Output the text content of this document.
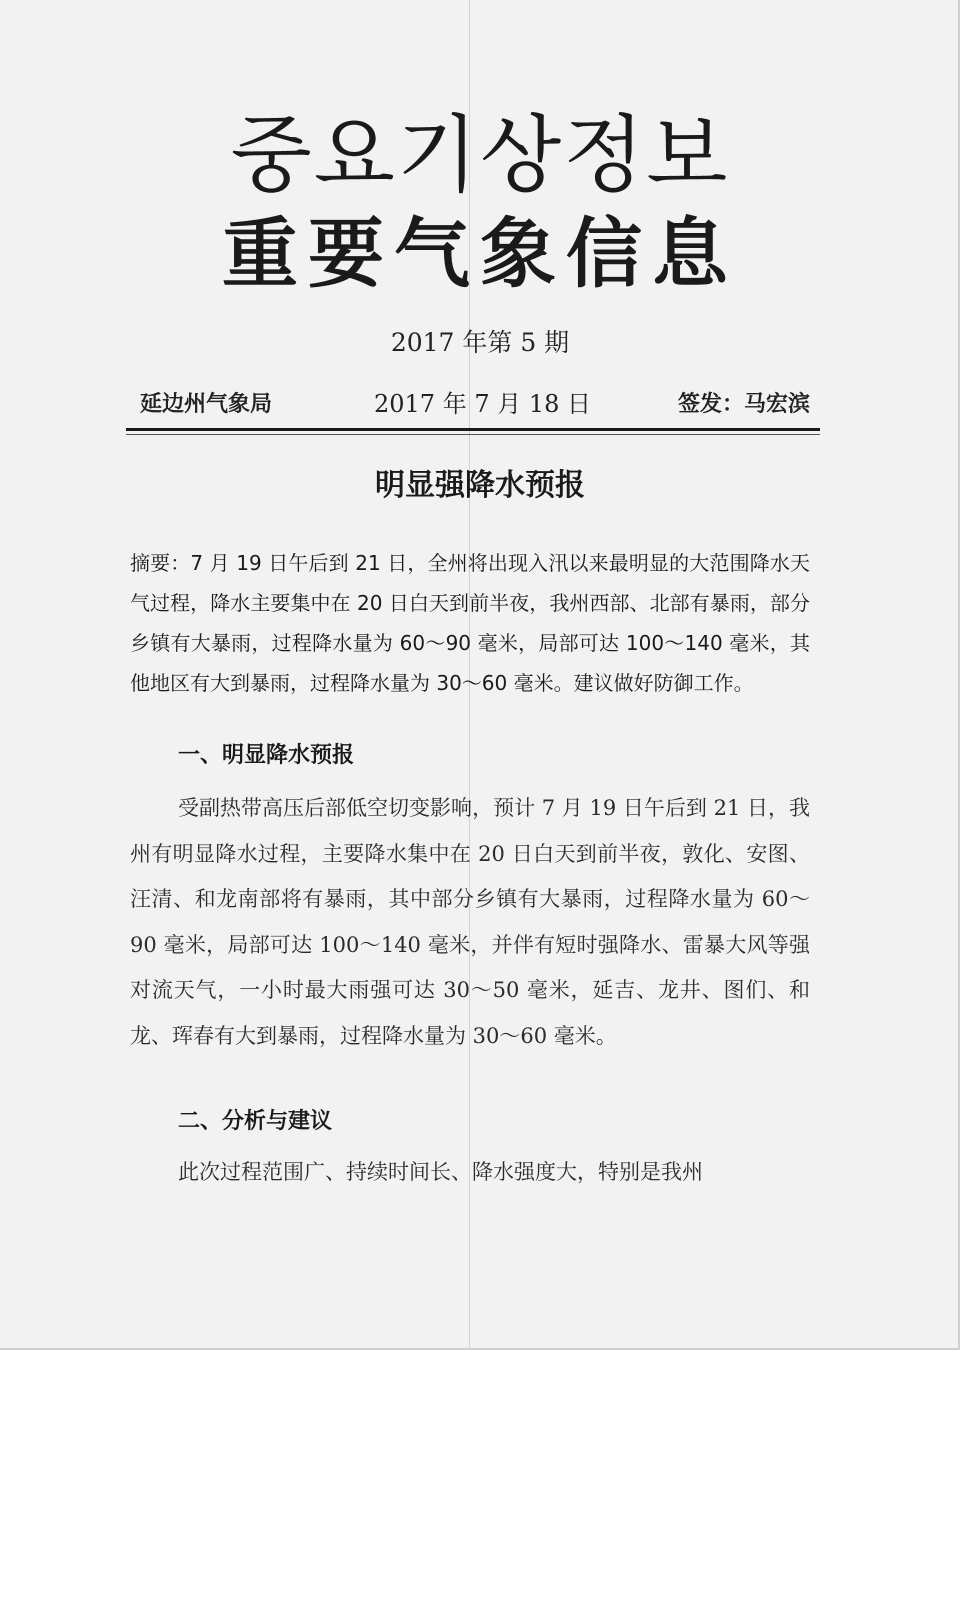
중요기상정보
重要气象信息
2017 年第 5 期
延边州气象局	2017 年 7 月 18 日	签发：马宏滨
明显强降水预报

摘要：7 月 19 日午后到 21 日，全州将出现入汛以来最明显的大范围降水天气过程，降水主要集中在 20 日白天到前半夜，我州西部、北部有暴雨，部分乡镇有大暴雨，过程降水量为 60～90 毫米，局部可达 100～140 毫米，其他地区有大到暴雨，过程降水量为 30～60 毫米。建议做好防御工作。

一、明显降水预报

受副热带高压后部低空切变影响，预计 7 月 19 日午后到 21 日，我州有明显降水过程，主要降水集中在 20 日白天到前半夜，敦化、安图、汪清、和龙南部将有暴雨，其中部分乡镇有大暴雨，过程降水量为 60～90 毫米，局部可达 100～140 毫米，并伴有短时强降水、雷暴大风等强对流天气，一小时最大雨强可达 30～50 毫米，延吉、龙井、图们、和龙、珲春有大到暴雨，过程降水量为 30～60 毫米。

二、分析与建议

此次过程范围广、持续时间长、降水强度大，特别是我州
